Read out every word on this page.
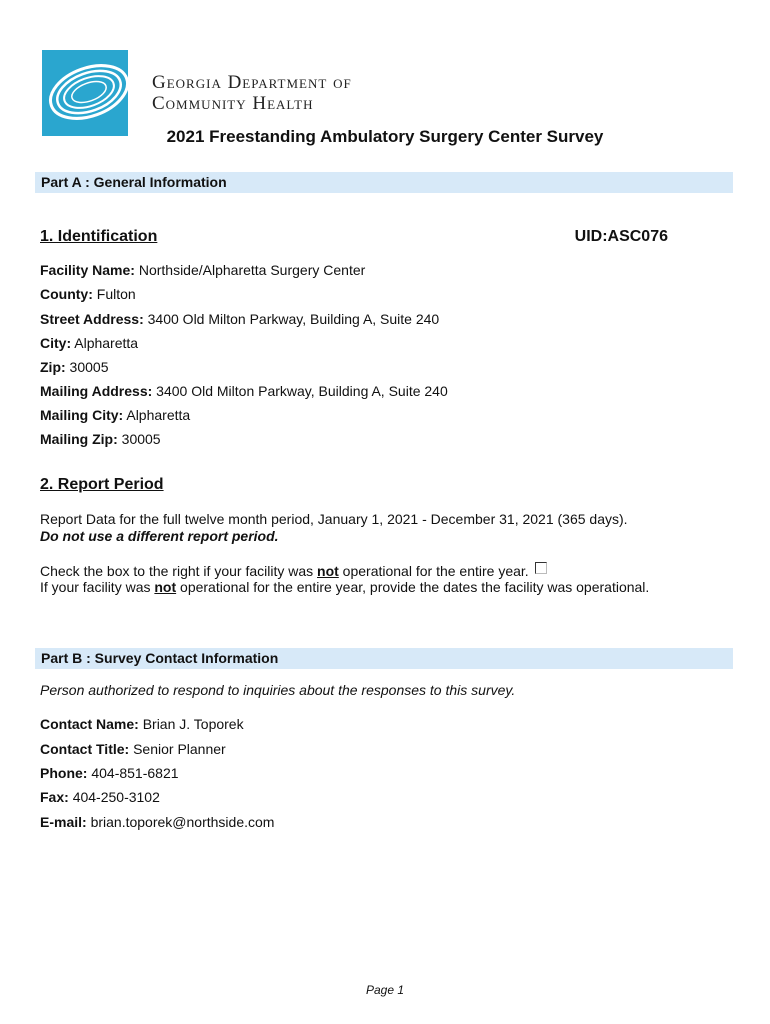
Georgia Department of
Community Health
2021 Freestanding Ambulatory Surgery Center Survey
Part A : General Information
1. Identification	UID:ASC076
Facility Name: Northside/Alpharetta Surgery Center
County: Fulton
Street Address: 3400 Old Milton Parkway, Building A, Suite 240
City: Alpharetta
Zip: 30005
Mailing Address: 3400 Old Milton Parkway, Building A, Suite 240
Mailing City: Alpharetta
Mailing Zip: 30005
2. Report Period
Report Data for the full twelve month period, January 1, 2021 - December 31, 2021 (365 days).
Do not use a different report period.
Check the box to the right if your facility was not operational for the entire year.
If your facility was not operational for the entire year, provide the dates the facility was operational.
Part B : Survey Contact Information
Person authorized to respond to inquiries about the responses to this survey.
Contact Name: Brian J. Toporek
Contact Title: Senior Planner
Phone: 404-851-6821
Fax: 404-250-3102
E-mail: brian.toporek@northside.com
Page 1
